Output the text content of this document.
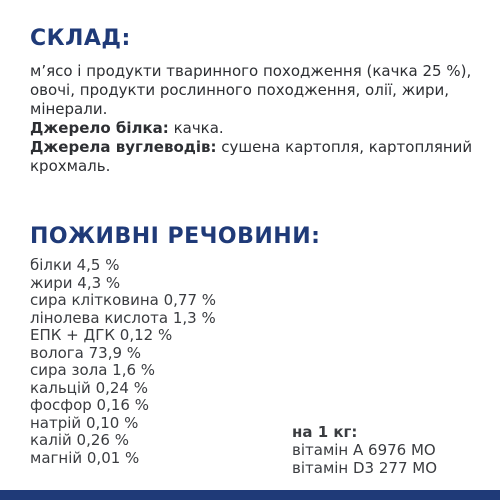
СКЛАД:

м’ясо і продукти тваринного походження (качка 25 %), овочі, продукти рослинного походження, олії, жири, мінерали.

Джерело білка: качка.

Джерела вуглеводів: сушена картопля, картопляний крохмаль.

ПОЖИВНІ РЕЧОВИНИ:
білки 4,5 %
жири 4,3 %
сира клітковина 0,77 %
лінолева кислота 1,3 %
ЕПК + ДГК 0,12 %
волога 73,9 %
сира зола 1,6 %
кальцій 0,24 %
фосфор 0,16 %
натрій 0,10 %
калій 0,26 %
магній 0,01 %
на 1 кг:
вітамін А 6976 МО
вітамін D3 277 МО
